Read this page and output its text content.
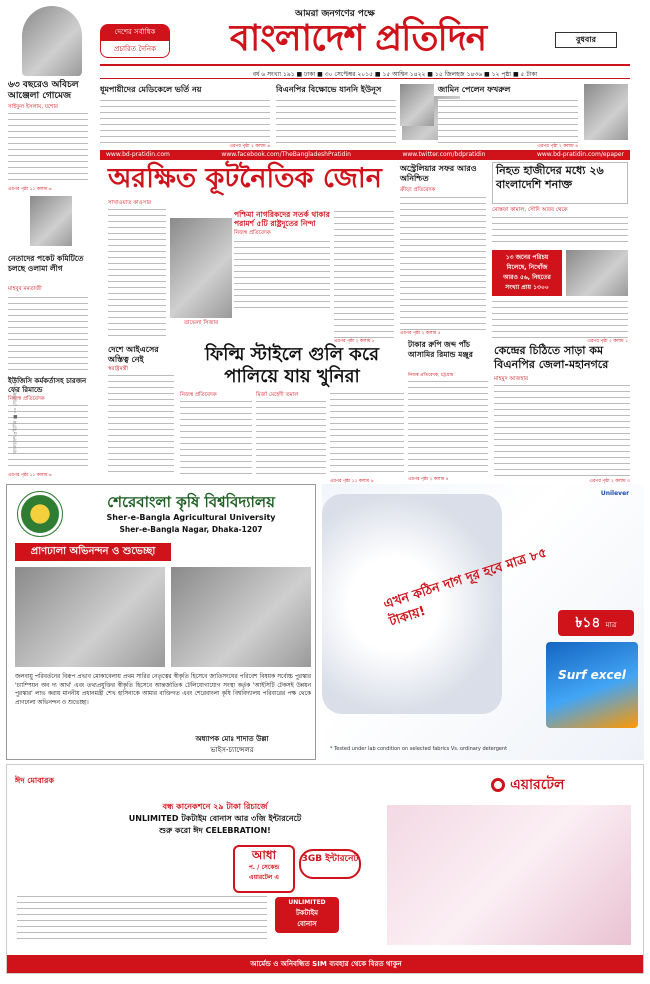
৬৩ বছরেও অবিচল আঞ্জেলা গোমেজ
সাইফুল ইসলাম, যশোর
এরপর পৃষ্ঠা ১১ কলাম ৬
আমরা জনগণের পক্ষে
দেশের সর্বাধিক
প্রচারিত দৈনিক	বাংলাদেশ প্রতিদিন	বুধবার
বর্ষ ৬ সংখ্যা ১৯১ ■ ঢাকা ■ ৩০ সেপ্টেম্বর ২০১৫ ■ ১৫ আশ্বিন ১৪২২ ■ ১৫ জিলহজ ১৪৩৬ ■ ১২ পৃষ্ঠা ■ ৫ টাকা
ধূমপায়ীদের মেডিকেলে ভর্তি নয়
এরপর পৃষ্ঠা ২ কলাম ৬
বিএনপির বিক্ষোভে যাননি ইউনূস	জামিন পেলেন ফখরুল
এরপর পৃষ্ঠা ২ কলাম ৪
www.bd-pratidin.com	www.facebook.com/TheBangladeshPratidin	www.twitter.com/bdpratidin	www.bd-pratidin.com/epaper
অরক্ষিত কূটনৈতিক জোন
সাখাওয়াত কাওসার
তাভেলা সিজার
পশ্চিমা নাগরিকদের সতর্ক থাকার পরামর্শ ৫টি রাষ্ট্রদূতের নিন্দা
নিজস্ব প্রতিবেদক
এরপর পৃষ্ঠা ২ কলাম ১
অস্ট্রেলিয়ার সফর আরও অনিশ্চিত
ক্রীড়া প্রতিবেদক
এরপর পৃষ্ঠা ২ কলাম ৫
নিহত হাজীদের মধ্যে ২৬ বাংলাদেশি শনাক্ত
মোস্তফা কামাল, সৌদি আরব থেকে
১৩ জনের পরিচয়
মিলেছে, নিখোঁজ
আরও ৫৬, নিহতের
সংখ্যা প্রায় ১৩০০
এরপর পৃষ্ঠা ২ কলাম ১
নেতাদের পকেট কমিটিতে চলছে ওলামা লীগ
মাহবুব মমতাজী
ইউজিসি কর্মকর্তাসহ চারজন ফের রিমান্ডে
নিজস্ব প্রতিবেদক
এরপর পৃষ্ঠা ১১ কলাম ৬
বাংলাদেশ প্রতিদিন ■ ৩০ সেপ্টেম্বর ২০১৫
দেশে আইএসের অস্তিত্ব নেই
স্বরাষ্ট্রমন্ত্রী
ফিল্মি স্টাইলে গুলি করে পালিয়ে যায় খুনিরা
নিজস্ব প্রতিবেদক	মির্জা মেহেদী তমাল
এরপর পৃষ্ঠা ১১ কলাম ৬
টাকার রুপি জব্দ পাঁচ আসামির রিমান্ড মঞ্জুর
নিজস্ব প্রতিবেদক, চট্টগ্রাম
এরপর পৃষ্ঠা ২ কলাম ৪
কেন্দ্রের চিঠিতে সাড়া কম বিএনপির জেলা-মহানগরে
মাহমুদ আজহার
এরপর পৃষ্ঠা ২ কলাম ৩
শেরেবাংলা কৃষি বিশ্ববিদ্যালয়
Sher-e-Bangla Agricultural University
Sher-e-Bangla Nagar, Dhaka-1207
প্রাণঢালা অভিনন্দন ও শুভেচ্ছা
জলবায়ু পরিবর্তনের বিরূপ প্রভাব মোকাবেলায় প্রথম সারির নেতৃত্বের স্বীকৃতি হিসেবে জাতিসংঘের পরিবেশ বিষয়ক সর্বোচ্চ পুরস্কার 'চ্যাম্পিয়ন অব দ্য আর্থ' এবং তথ্যপ্রযুক্তির স্বীকৃতি হিসেবে আন্তর্জাতিক টেলিযোগাযোগ সংস্থা কর্তৃক 'আইসিটি টেকসই উন্নয়ন পুরস্কার' লাভ করায় মাননীয় প্রধানমন্ত্রী শেখ হাসিনাকে আমার ব্যক্তিগত এবং শেরেবাংলা কৃষি বিশ্ববিদ্যালয় পরিবারের পক্ষ থেকে প্রাণঢালা অভিনন্দন ও শুভেচ্ছা।
অধ্যাপক মোঃ শাদাত উল্লা
ভাইস-চ্যান্সেলর
এখন কঠিন দাগ দূর হবে মাত্র ৮৫ টাকায়!
Unilever
৳১৪ মাত্র
Surf excel
* Tested under lab condition on selected fabrics Vs. ordinary detergent
ঈদ মোবারক	এয়ারটেল
বন্ধ কানেকশনে ২৯ টাকা রিচার্জে
UNLIMITED টকটাইম বোনাস আর ৩জি ইন্টারনেটে
শুরু করো ঈদ CELEBRATION!
আধা
প. / সেকেন্ড
এয়ারটেল এ
3GB ইন্টারনেট
UNLIMITED
টকটাইম
বোনাস
আর্মেন্ড ও অনিবন্ধিত SIM ব্যবহার থেকে বিরত থাকুন
